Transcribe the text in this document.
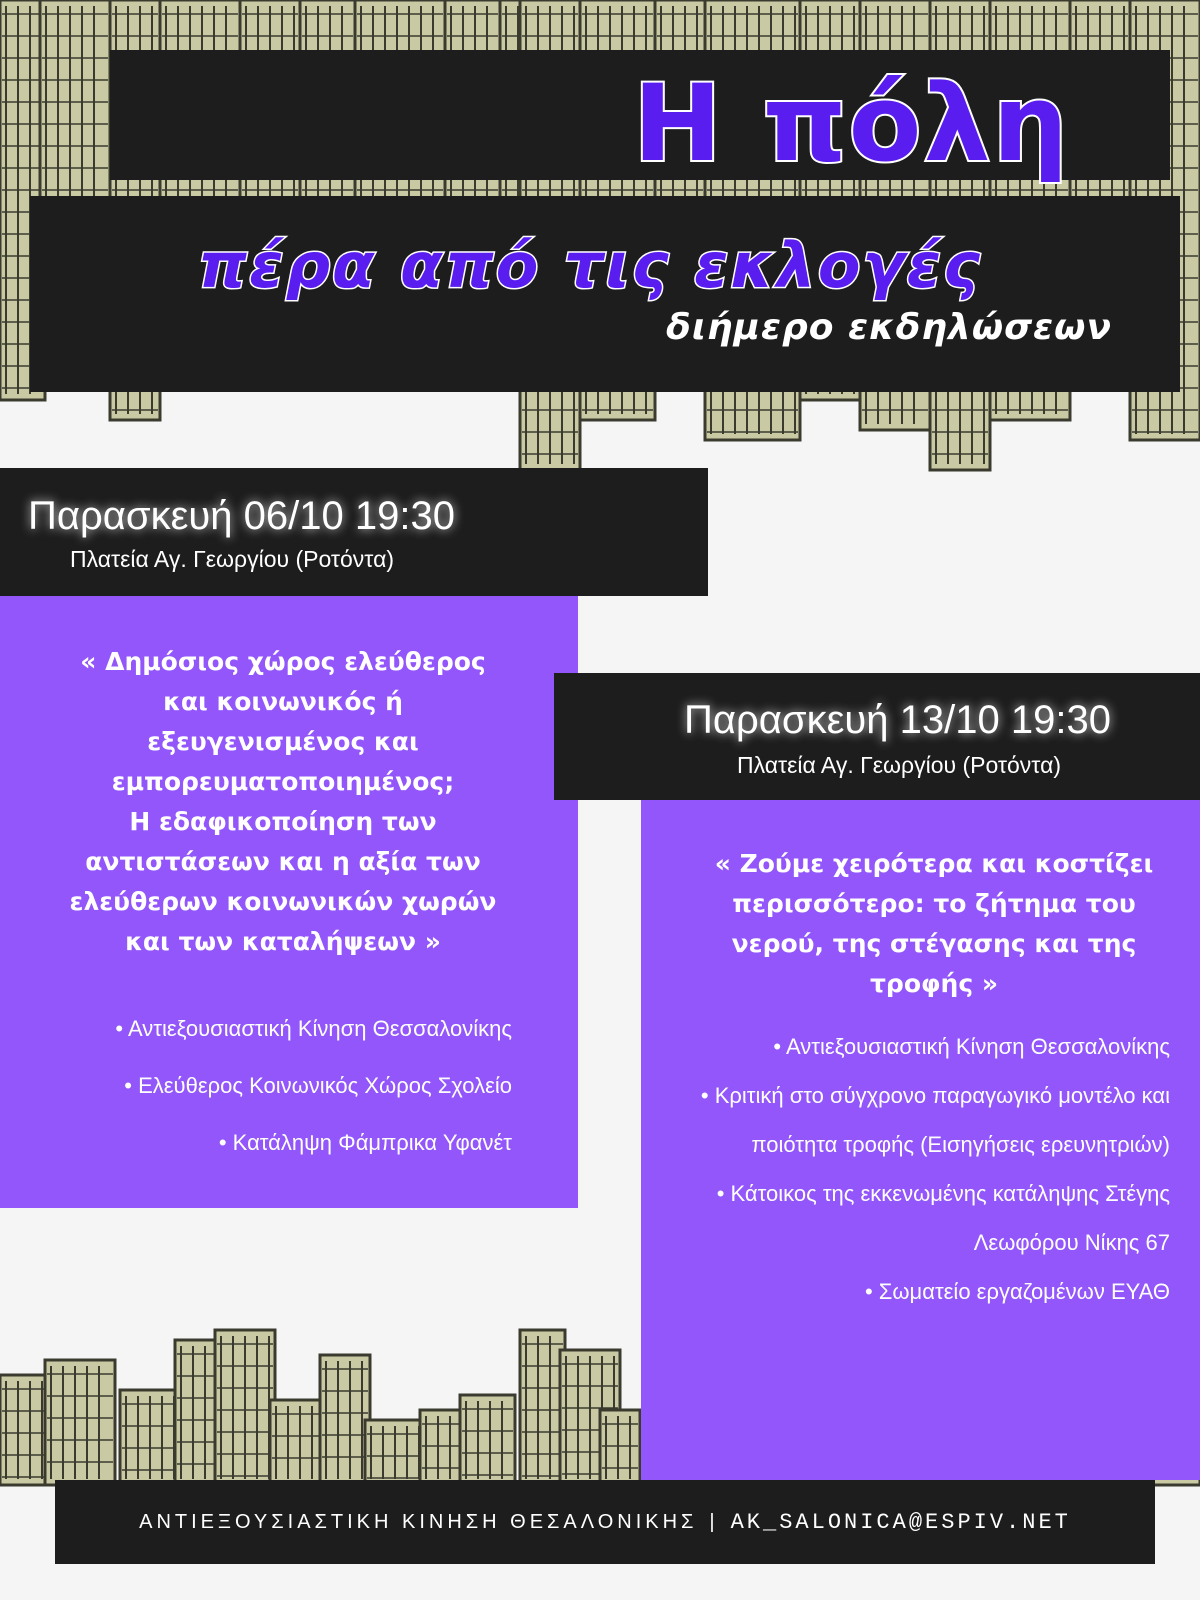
Η πόλη
πέρα από τις εκλογές
διήμερο εκδηλώσεων
Παρασκευή 06/10 19:30
Πλατεία Αγ. Γεωργίου (Ροτόντα)
« Δημόσιος χώρος ελεύθερος
και κοινωνικός ή
εξευγενισμένος και
εμπορευματοποιημένος;
Η εδαφικοποίηση των
αντιστάσεων και η αξία των
ελεύθερων κοινωνικών χωρών
και των καταλήψεων »
• Αντιεξουσιαστική Κίνηση Θεσσαλονίκης
• Ελεύθερος Κοινωνικός Χώρος Σχολείο
• Κατάληψη Φάμπρικα Υφανέτ
Παρασκευή 13/10 19:30
Πλατεία Αγ. Γεωργίου (Ροτόντα)
« Ζούμε χειρότερα και κοστίζει
περισσότερο: το ζήτημα του
νερού, της στέγασης και της
τροφής »
• Αντιεξουσιαστική Κίνηση Θεσσαλονίκης
• Κριτική στο σύγχρονο παραγωγικό μοντέλο και
ποιότητα τροφής (Εισηγήσεις ερευνητριών)
• Κάτοικος της εκκενωμένης κατάληψης Στέγης
Λεωφόρου Νίκης 67
• Σωματείο εργαζομένων ΕΥΑΘ
ΑΝΤΙΕΞΟΥΣΙΑΣΤΙΚΗ ΚΙΝΗΣΗ ΘΕΣΑΛΟΝΙΚΗΣ | AK_SALONICA@ESPIV.NET
